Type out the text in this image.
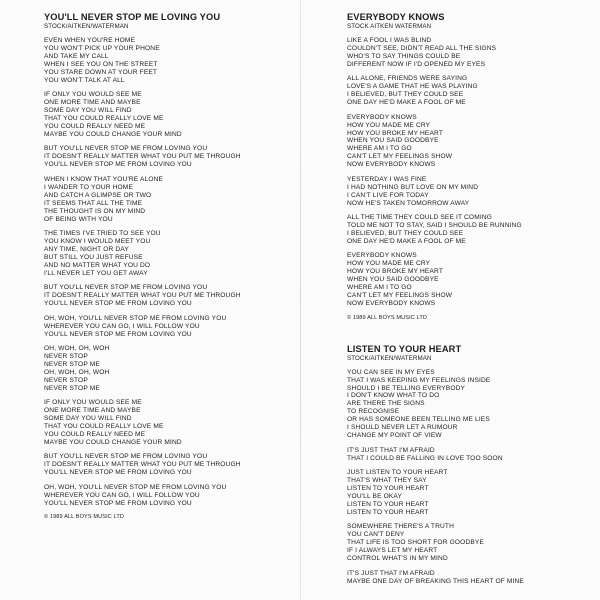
YOU'LL NEVER STOP ME LOVING YOU
STOCK/AITKEN/WATERMAN
EVEN WHEN YOU'RE HOME
YOU WON'T PICK UP YOUR PHONE
AND TAKE MY CALL
WHEN I SEE YOU ON THE STREET
YOU STARE DOWN AT YOUR FEET
YOU WON'T TALK AT ALL
IF ONLY YOU WOULD SEE ME
ONE MORE TIME AND MAYBE
SOME DAY YOU WILL FIND
THAT YOU COULD REALLY LOVE ME
YOU COULD REALLY NEED ME
MAYBE YOU COULD CHANGE YOUR MIND
BUT YOU'LL NEVER STOP ME FROM LOVING YOU
IT DOESN'T REALLY MATTER WHAT YOU PUT ME THROUGH
YOU'LL NEVER STOP ME FROM LOVING YOU
WHEN I KNOW THAT YOU'RE ALONE
I WANDER TO YOUR HOME
AND CATCH A GLIMPSE OR TWO
IT SEEMS THAT ALL THE TIME
THE THOUGHT IS ON MY MIND
OF BEING WITH YOU
THE TIMES I'VE TRIED TO SEE YOU
YOU KNOW I WOULD MEET YOU
ANY TIME, NIGHT OR DAY
BUT STILL YOU JUST REFUSE
AND NO MATTER WHAT YOU DO
I'LL NEVER LET YOU GET AWAY
BUT YOU'LL NEVER STOP ME FROM LOVING YOU
IT DOESN'T REALLY MATTER WHAT YOU PUT ME THROUGH
YOU'LL NEVER STOP ME FROM LOVING YOU
OH, WOH, YOU'LL NEVER STOP ME FROM LOVING YOU
WHEREVER YOU CAN GO, I WILL FOLLOW YOU
YOU'LL NEVER STOP ME FROM LOVING YOU
OH, WOH, OH, WOH
NEVER STOP
NEVER STOP ME
OH, WOH, OH, WOH
NEVER STOP
NEVER STOP ME
IF ONLY YOU WOULD SEE ME
ONE MORE TIME AND MAYBE
SOME DAY YOU WILL FIND
THAT YOU COULD REALLY LOVE ME
YOU COULD REALLY NEED ME
MAYBE YOU COULD CHANGE YOUR MIND
BUT YOU'LL NEVER STOP ME FROM LOVING YOU
IT DOESN'T REALLY MATTER WHAT YOU PUT ME THROUGH
YOU'LL NEVER STOP ME FROM LOVING YOU
OH, WOH, YOU'LL NEVER STOP ME FROM LOVING YOU
WHEREVER YOU CAN GO, I WILL FOLLOW YOU
YOU'LL NEVER STOP ME FROM LOVING YOU
© 1989 ALL BOYS MUSIC LTD
EVERYBODY KNOWS
STOCK AITKEN WATERMAN
LIKE A FOOL I WAS BLIND
COULDN'T SEE, DIDN'T READ ALL THE SIGNS
WHO'S TO SAY THINGS COULD BE
DIFFERENT NOW IF I'D OPENED MY EYES
ALL ALONE, FRIENDS WERE SAYING
LOVE'S A GAME THAT HE WAS PLAYING
I BELIEVED, BUT THEY COULD SEE
ONE DAY HE'D MAKE A FOOL OF ME
EVERYBODY KNOWS
HOW YOU MADE ME CRY
HOW YOU BROKE MY HEART
WHEN YOU SAID GOODBYE
WHERE AM I TO GO
CAN'T LET MY FEELINGS SHOW
NOW EVERYBODY KNOWS
YESTERDAY I WAS FINE
I HAD NOTHING BUT LOVE ON MY MIND
I CAN'T LIVE FOR TODAY
NOW HE'S TAKEN TOMORROW AWAY
ALL THE TIME THEY COULD SEE IT COMING
TOLD ME NOT TO STAY, SAID I SHOULD BE RUNNING
I BELIEVED, BUT THEY COULD SEE
ONE DAY HE'D MAKE A FOOL OF ME
EVERYBODY KNOWS
HOW YOU MADE ME CRY
HOW YOU BROKE MY HEART
WHEN YOU SAID GOODBYE
WHERE AM I TO GO
CAN'T LET MY FEELINGS SHOW
NOW EVERYBODY KNOWS
© 1989 ALL BOYS MUSIC LTD
LISTEN TO YOUR HEART
STOCK/AITKEN/WATERMAN
YOU CAN SEE IN MY EYES
THAT I WAS KEEPING MY FEELINGS INSIDE
SHOULD I BE TELLING EVERYBODY
I DON'T KNOW WHAT TO DO
ARE THERE THE SIGNS
TO RECOGNISE
OR HAS SOMEONE BEEN TELLING ME LIES
I SHOULD NEVER LET A RUMOUR
CHANGE MY POINT OF VIEW
IT'S JUST THAT I'M AFRAID
THAT I COULD BE FALLING IN LOVE TOO SOON
JUST LISTEN TO YOUR HEART
THAT'S WHAT THEY SAY
LISTEN TO YOUR HEART
YOU'LL BE OKAY
LISTEN TO YOUR HEART
LISTEN TO YOUR HEART
SOMEWHERE THERE'S A TRUTH
YOU CAN'T DENY
THAT LIFE IS TOO SHORT FOR GOODBYE
IF I ALWAYS LET MY HEART
CONTROL WHAT'S IN MY MIND
IT'S JUST THAT I'M AFRAID
MAYBE ONE DAY OF BREAKING THIS HEART OF MINE
